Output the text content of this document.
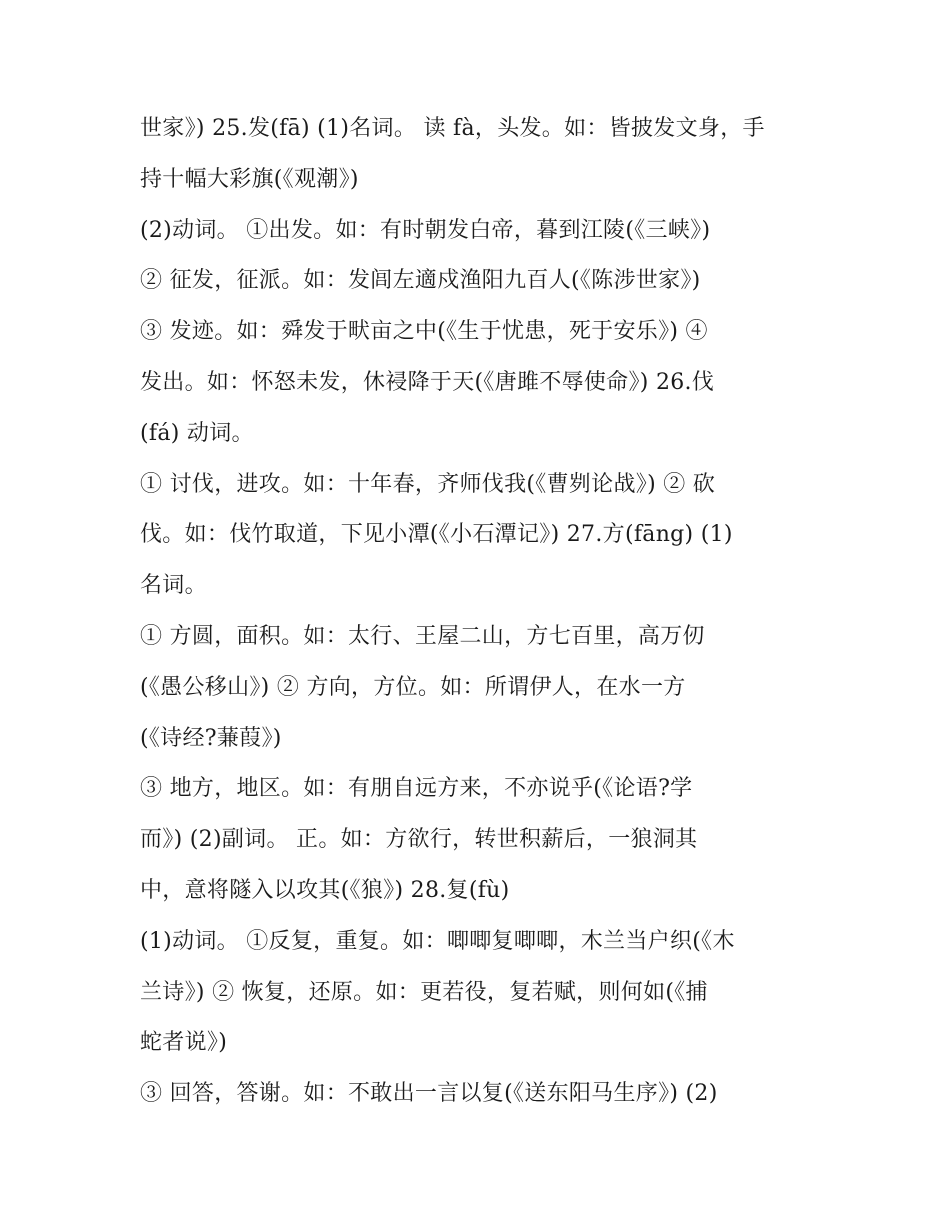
世家》) 25.发(fā) (1)名词。 读 fà，头发。如：皆披发文身，手
持十幅大彩旗(《观潮》)
(2)动词。 ①出发。如：有时朝发白帝，暮到江陵(《三峡》)
② 征发，征派。如：发闾左適戍渔阳九百人(《陈涉世家》)
③ 发迹。如：舜发于畎亩之中(《生于忧患，死于安乐》) ④
发出。如：怀怒未发，休祲降于天(《唐雎不辱使命》) 26.伐
(fá) 动词。
① 讨伐，进攻。如：十年春，齐师伐我(《曹刿论战》) ② 砍
伐。如：伐竹取道，下见小潭(《小石潭记》) 27.方(fāng) (1)
名词。
① 方圆，面积。如：太行、王屋二山，方七百里，高万仞
(《愚公移山》) ② 方向，方位。如：所谓伊人，在水一方
(《诗经?蒹葭》)
③ 地方，地区。如：有朋自远方来，不亦说乎(《论语?学
而》) (2)副词。 正。如：方欲行，转世积薪后，一狼洞其
中，意将隧入以攻其(《狼》) 28.复(fù)
(1)动词。 ①反复，重复。如：唧唧复唧唧，木兰当户织(《木
兰诗》) ② 恢复，还原。如：更若役，复若赋，则何如(《捕
蛇者说》)
③ 回答，答谢。如：不敢出一言以复(《送东阳马生序》) (2)
